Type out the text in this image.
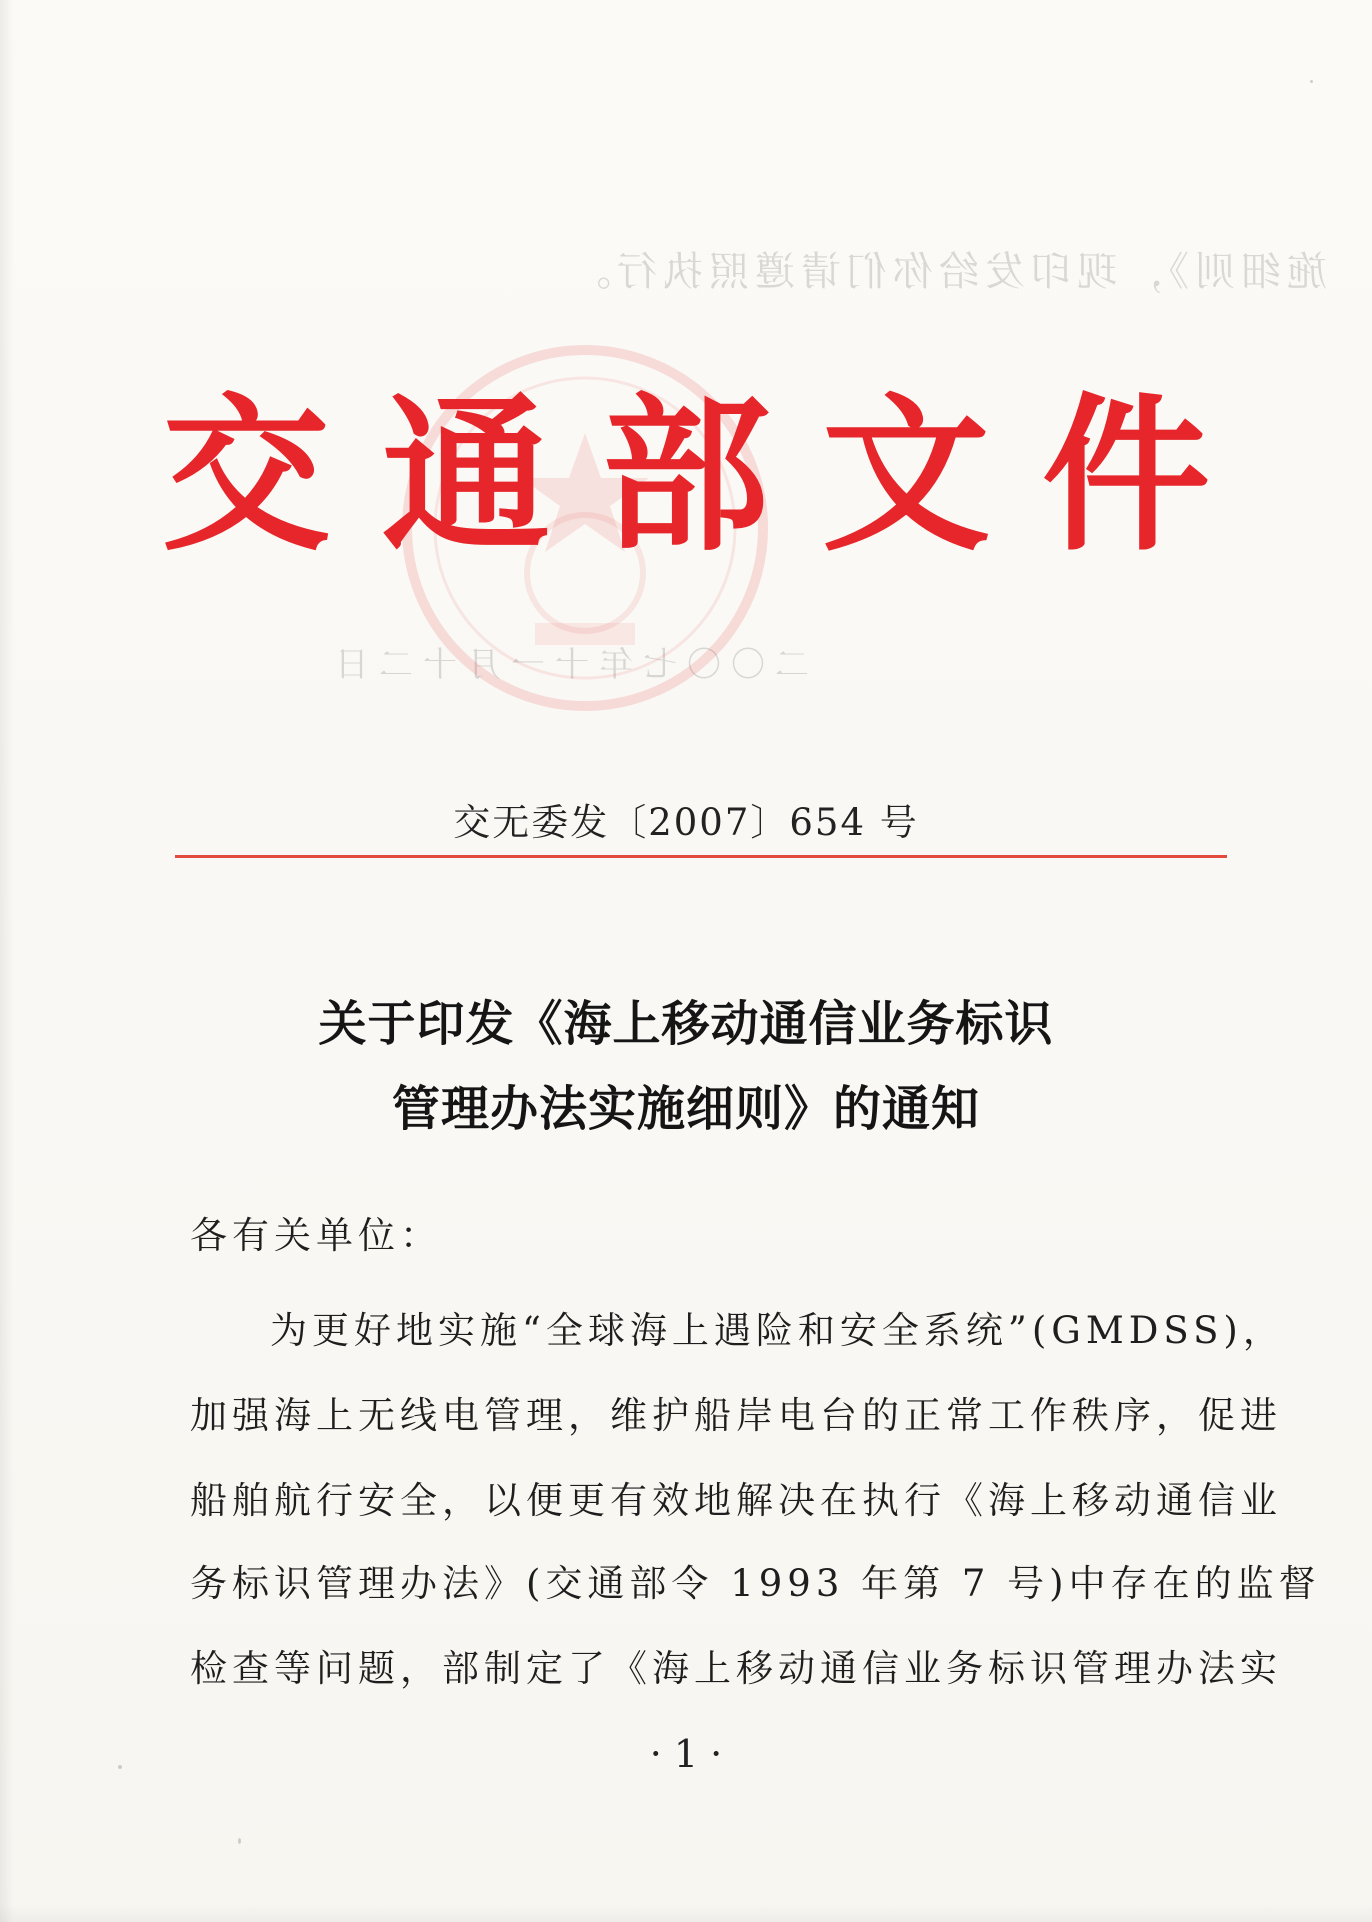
施细则》，现印发给你们请遵照执行。
二〇〇七年十一月十二日
交通部文件
交无委发〔2007〕654 号
关于印发《海上移动通信业务标识
管理办法实施细则》的通知
各有关单位：
为更好地实施“全球海上遇险和安全系统”(GMDSS)，
加强海上无线电管理，维护船岸电台的正常工作秩序，促进
船舶航行安全，以便更有效地解决在执行《海上移动通信业
务标识管理办法》(交通部令 1993 年第 7 号)中存在的监督
检查等问题，部制定了《海上移动通信业务标识管理办法实
· 1 ·
